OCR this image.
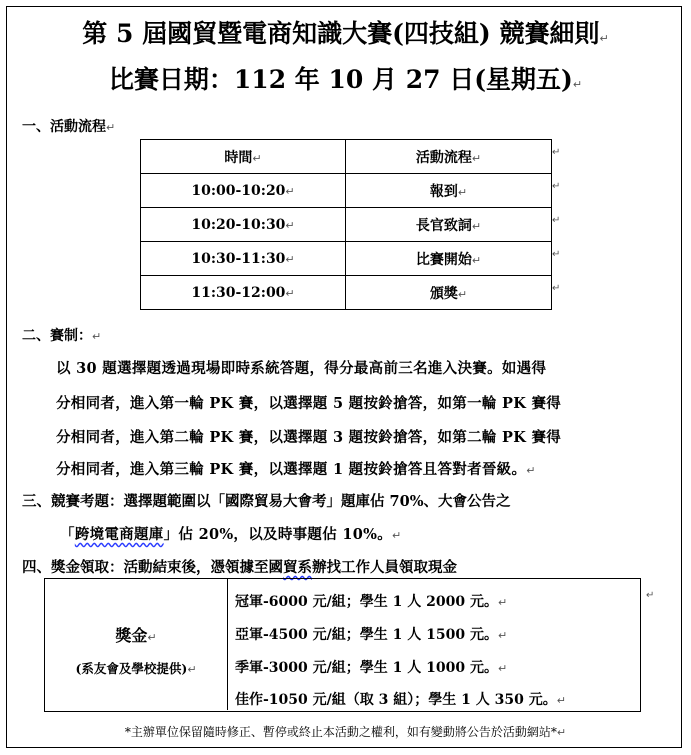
第 5 屆國貿暨電商知識大賽(四技組) 競賽細則↵
比賽日期：112 年 10 月 27 日(星期五)↵
一、活動流程↵
時間↵	活動流程↵
10:00-10:20↵	報到↵
10:20-10:30↵	長官致詞↵
10:30-11:30↵	比賽開始↵
11:30-12:00↵	頒獎↵
↵
↵
↵
↵
↵
二、賽制：↵
以 30 題選擇題透過現場即時系統答題，得分最高前三名進入決賽。如遇得
分相同者，進入第一輪 PK 賽，以選擇題 5 題按鈴搶答，如第一輪 PK 賽得
分相同者，進入第二輪 PK 賽，以選擇題 3 題按鈴搶答，如第二輪 PK 賽得
分相同者，進入第三輪 PK 賽，以選擇題 1 題按鈴搶答且答對者晉級。↵
三、競賽考題：選擇題範圍以「國際貿易大會考」題庫佔 70%、大會公告之
「跨境電商題庫」佔 20%，以及時事題佔 10%。↵
四、獎金領取：活動結束後，憑領據至國貿系辦找工作人員領取現金
獎金↵
(系友會及學校提供)↵
冠軍-6000 元/組；學生 1 人 2000 元。↵
亞軍-4500 元/組；學生 1 人 1500 元。↵
季軍-3000 元/組；學生 1 人 1000 元。↵
佳作-1050 元/組（取 3 組）；學生 1 人 350 元。↵
↵
*主辦單位保留隨時修正、暫停或終止本活動之權利，如有變動將公告於活動網站*↵
